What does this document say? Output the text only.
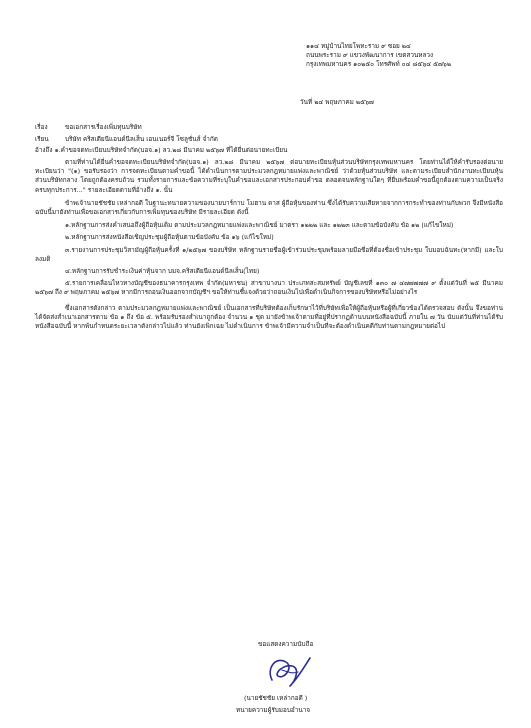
๑๑๔ หมู่บ้านไทยโพทะราม ๙ ซอย ๒๔
ถนนพระราม ๙ แขวงพัฒนาการ เขตสวนหลวง
กรุงเทพมหานคร ๑๐๒๕๐ โทรศัพท์ ๐๔ ๘๕๖๔ ๕๗๖๒
วันที่ ๒๔ พฤษภาคม ๒๕๖๗
เรื่อง	ขอเอกสารเรื่องเพิ่มทุนบริษัท
เรียน	บริษัท คริสเตียนีแอนด์นีลเส็น เอนเนอร์จี โซลูชั่นส์ จำกัด
อ้างถึง ๑.คำขอจดทะเบียนบริษัทจำกัด(บอจ.๑) ลว.๒๘ มีนาคม ๒๕๖๗ ที่ได้ยื่นต่อนายทะเบียน

ตามที่ท่านได้ยื่นคำขอจดทะเบียนบริษัทจำกัด(บอจ.๑) ลว.๒๘ มีนาคม ๒๕๖๗ ต่อนายทะเบียนหุ้นส่วนบริษัทกรุงเทพมหานคร โดยท่านได้ให้คำรับรองต่อนายทะเบียนว่า "(๑) ขอรับรองว่า การจดทะเบียนตามคำขอนี้ ได้ดำเนินการตามประมวลกฎหมายแพ่งและพาณิชย์ ว่าด้วยหุ้นส่วนบริษัท และตามระเบียบสำนักงานทะเบียนหุ้นส่วนบริษัทกลาง โดยถูกต้องครบถ้วน รวมทั้งรายการและข้อความที่ระบุในคำขอและเอกสารประกอบคำขอ ตลอดจนหลักฐานใดๆ ที่ยื่นพร้อมคำขอนี้ถูกต้องตามความเป็นจริงครบทุกประการ..." รายละเอียดตามที่อ้างถึง ๑. นั้น

ข้าพเจ้านายชัชชัย เหล่ากอดี ในฐานะทนายความของนายบาร์กาบ โมฮาน ดาส ผู้ถือหุ้นของท่าน ซึ่งได้รับความเสียหายจากการกระทำของท่านกับพวก จึงมีหนังสือฉบับนี้มายังท่านเพื่อขอเอกสารเกี่ยวกับการเพิ่มทุนของบริษัท มีรายละเอียด ดังนี้

๑.หลักฐานการส่งคำเสนอถึงผู้ถือหุ้นเดิม ตามประมวลกฎหมายแพ่งและพาณิชย์ มาตรา ๑๒๒๒ และ ๑๒๒๓ และตามข้อบังคับ ข้อ ๑๒ (แก้ไขใหม่)

๒.หลักฐานการส่งหนังสือเชิญประชุมผู้ถือหุ้นตามข้อบังคับ ข้อ ๑๖ (แก้ไขใหม่)

๓.รายงานการประชุมวิสามัญผู้ถือหุ้นครั้งที่ ๑/๒๕๖๗ ของบริษัท หลักฐานรายชื่อผู้เข้าร่วมประชุมพร้อมลายมือชื่อที่ต้องชื่อเข้าประชุม ใบมอบฉันทะ(หากมี) และใบลงมติ

๔.หลักฐานการรับชำระเงินค่าหุ้นจาก บมจ.คริสเตียนีแอนด์นีลเส็น(ไทย)

๕.รายการเคลื่อนไหวทางบัญชีของธนาคารกรุงเทพ จำกัด(มหาชน) สาขาบางนา ประเภทสะสมทรัพย์ บัญชีเลขที่ ๑๓๐ ๗ ๔๗๗๗๗๗ ๙ ตั้งแต่วันที่ ๒๕ มีนาคม ๒๕๖๗ ถึง ๙ พฤษภาคม ๒๕๖๗ หากมีการถอนเงินออกจากบัญชีฯ ขอให้ท่านชี้แจงด้วยว่าถอนเงินไปเพื่อดำเนินกิจการของบริษัทหรือไม่อย่างไร

ซึ่งเอกสารดังกล่าว ตามประมวลกฎหมายแพ่งและพาณิชย์ เป็นเอกสารที่บริษัทต้องเก็บรักษาไว้ที่บริษัทเพื่อให้ผู้ถือหุ้นหรือผู้ที่เกี่ยวข้องได้ตรวจสอบ ดังนั้น จึงขอท่านได้จัดส่งสำเนาเอกสารตาม ข้อ ๑ ถึง ข้อ ๕. พร้อมรับรองสำเนาถูกต้อง จำนวน ๑ ชุด มายังข้าพเจ้าตามที่อยู่ที่ปรากฏด้านบนหนังสือฉบับนี้ ภายใน ๗ วัน นับแต่วันที่ท่านได้รับหนังสือฉบับนี้ หากพ้นกำหนดระยะเวลาดังกล่าวไปแล้ว ท่านยังเพิกเฉย ไม่ดำเนินการ ข้าพเจ้ามีความจำเป็นที่จะต้องดำเนินคดีกับท่านตามกฎหมายต่อไป

ขอแสดงความนับถือ
(นายชัชชัย เหล่ากอดี )
ทนายความผู้รับมอบอำนาจ
